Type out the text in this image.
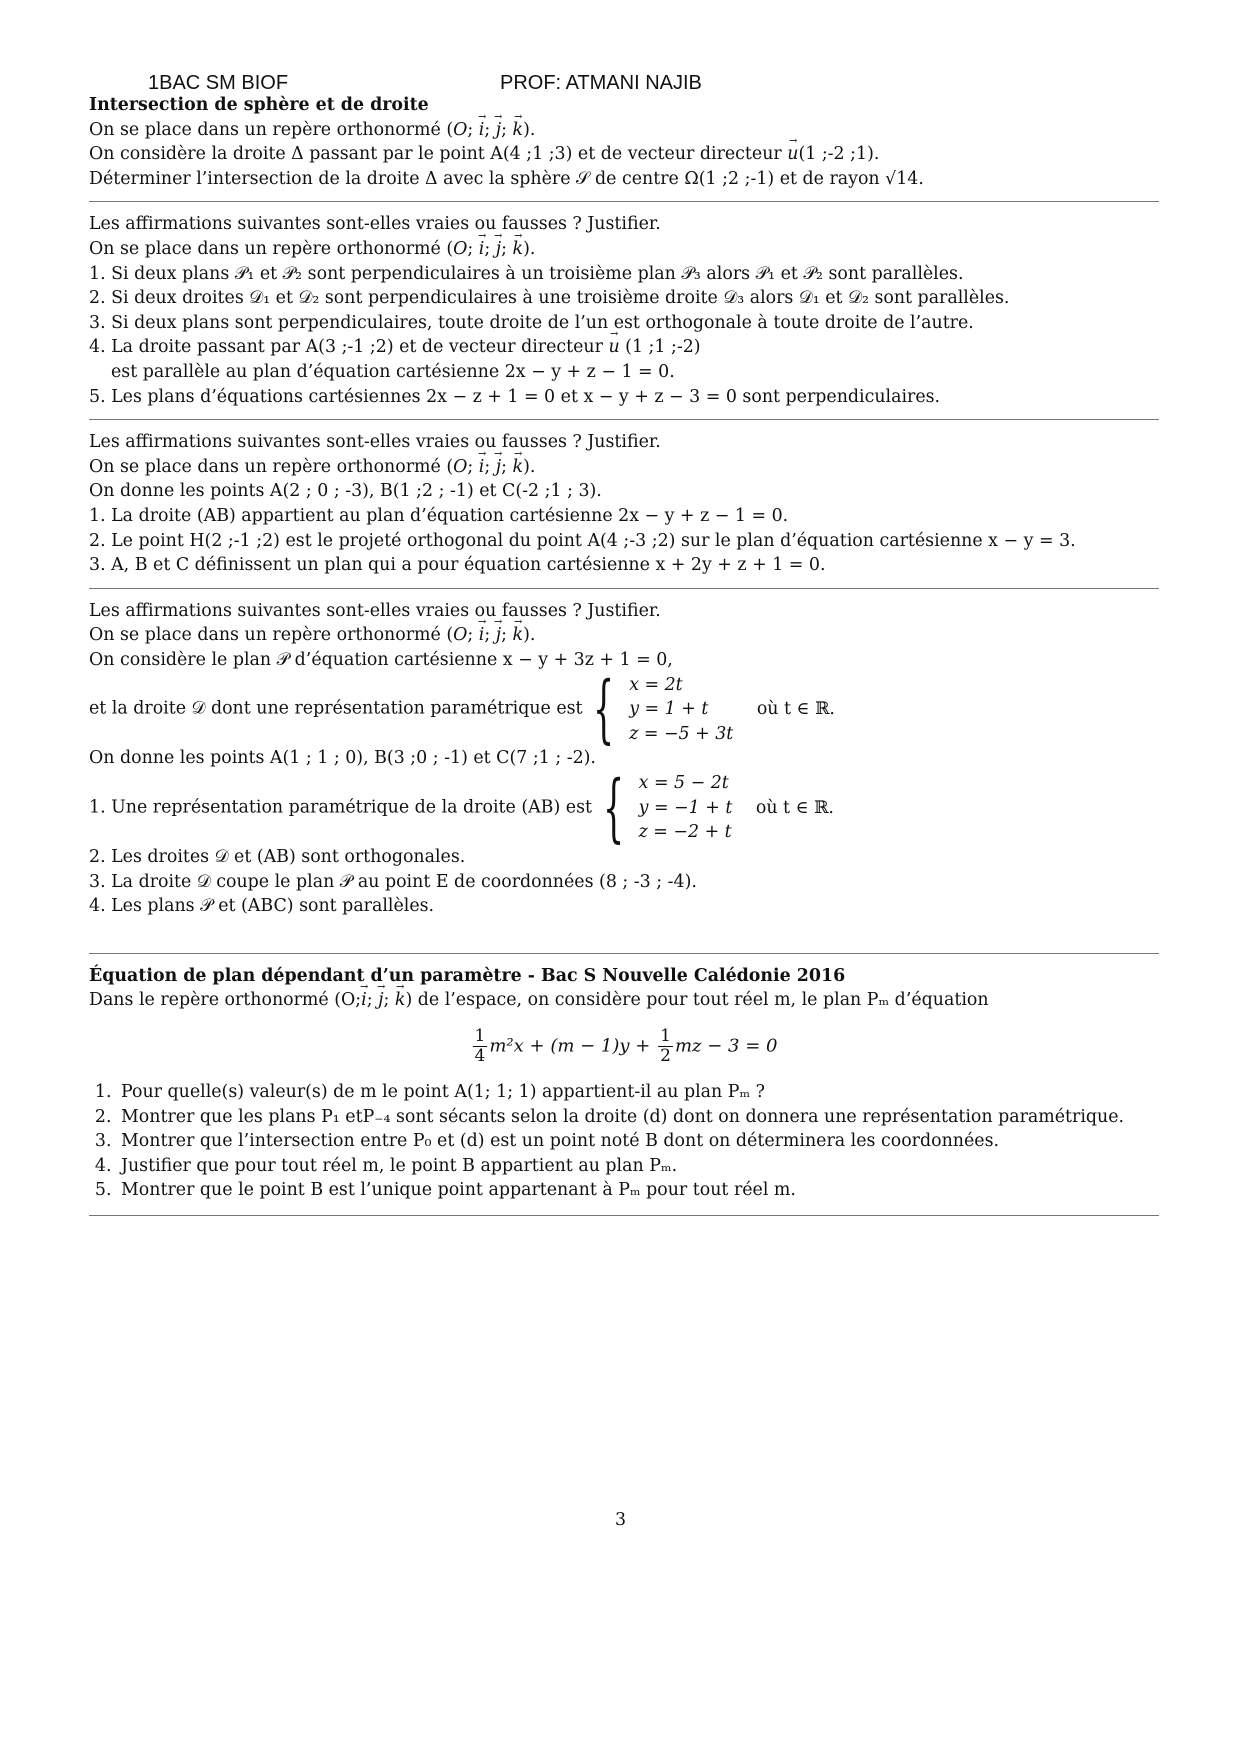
1BAC SM BIOF	PROF: ATMANI NAJIB
Intersection de sphère et de droite
On se place dans un repère orthonormé (O; → i; → j; → k).
On considère la droite Δ passant par le point A(4 ;1 ;3) et de vecteur directeur → u(1 ;-2 ;1).
Déterminer l’intersection de la droite Δ avec la sphère 𝒮 de centre Ω(1 ;2 ;-1) et de rayon √14.
Les affirmations suivantes sont-elles vraies ou fausses ? Justifier.
On se place dans un repère orthonormé (O; → i; → j; → k).
1. Si deux plans 𝒫₁ et 𝒫₂ sont perpendiculaires à un troisième plan 𝒫₃ alors 𝒫₁ et 𝒫₂ sont parallèles.
2. Si deux droites 𝒟₁ et 𝒟₂ sont perpendiculaires à une troisième droite 𝒟₃ alors 𝒟₁ et 𝒟₂ sont parallèles.
3. Si deux plans sont perpendiculaires, toute droite de l’un est orthogonale à toute droite de l’autre.
4. La droite passant par A(3 ;-1 ;2) et de vecteur directeur → u (1 ;1 ;-2)
est parallèle au plan d’équation cartésienne 2x − y + z − 1 = 0.
5. Les plans d’équations cartésiennes 2x − z + 1 = 0 et x − y + z − 3 = 0 sont perpendiculaires.
Les affirmations suivantes sont-elles vraies ou fausses ? Justifier.
On se place dans un repère orthonormé (O; → i; → j; → k).
On donne les points A(2 ; 0 ; -3), B(1 ;2 ; -1) et C(-2 ;1 ; 3).
1. La droite (AB) appartient au plan d’équation cartésienne 2x − y + z − 1 = 0.
2. Le point H(2 ;-1 ;2) est le projeté orthogonal du point A(4 ;-3 ;2) sur le plan d’équation cartésienne x − y = 3.
3. A, B et C définissent un plan qui a pour équation cartésienne x + 2y + z + 1 = 0.
Les affirmations suivantes sont-elles vraies ou fausses ? Justifier.
On se place dans un repère orthonormé (O; → i; → j; → k).
On considère le plan 𝒫 d’équation cartésienne x − y + 3z + 1 = 0,
et la droite 𝒟 dont une représentation paramétrique est { x = 2t
y = 1 + t
z = −5 + 3t
où t ∈ ℝ.
On donne les points A(1 ; 1 ; 0), B(3 ;0 ; -1) et C(7 ;1 ; -2).
1. Une représentation paramétrique de la droite (AB) est { x = 5 − 2t
y = −1 + t
z = −2 + t
où t ∈ ℝ.
2. Les droites 𝒟 et (AB) sont orthogonales.
3. La droite 𝒟 coupe le plan 𝒫 au point E de coordonnées (8 ; -3 ; -4).
4. Les plans 𝒫 et (ABC) sont parallèles.
Équation de plan dépendant d’un paramètre - Bac S Nouvelle Calédonie 2016
Dans le repère orthonormé (O;→ i; → j; → k) de l’espace, on considère pour tout réel m, le plan Pₘ d’équation
$\frac{1}{4} m^2x + (m - 1)y + \frac{1}{2}$ mz − 3 = 0
1. Pour quelle(s) valeur(s) de m le point A(1; 1; 1) appartient-il au plan Pₘ ?
2. Montrer que les plans P₁ etP₋₄ sont sécants selon la droite (d) dont on donnera une représentation paramétrique.
3. Montrer que l’intersection entre P₀ et (d) est un point noté B dont on déterminera les coordonnées.
4. Justifier que pour tout réel m, le point B appartient au plan Pₘ.
5. Montrer que le point B est l’unique point appartenant à Pₘ pour tout réel m.
3
